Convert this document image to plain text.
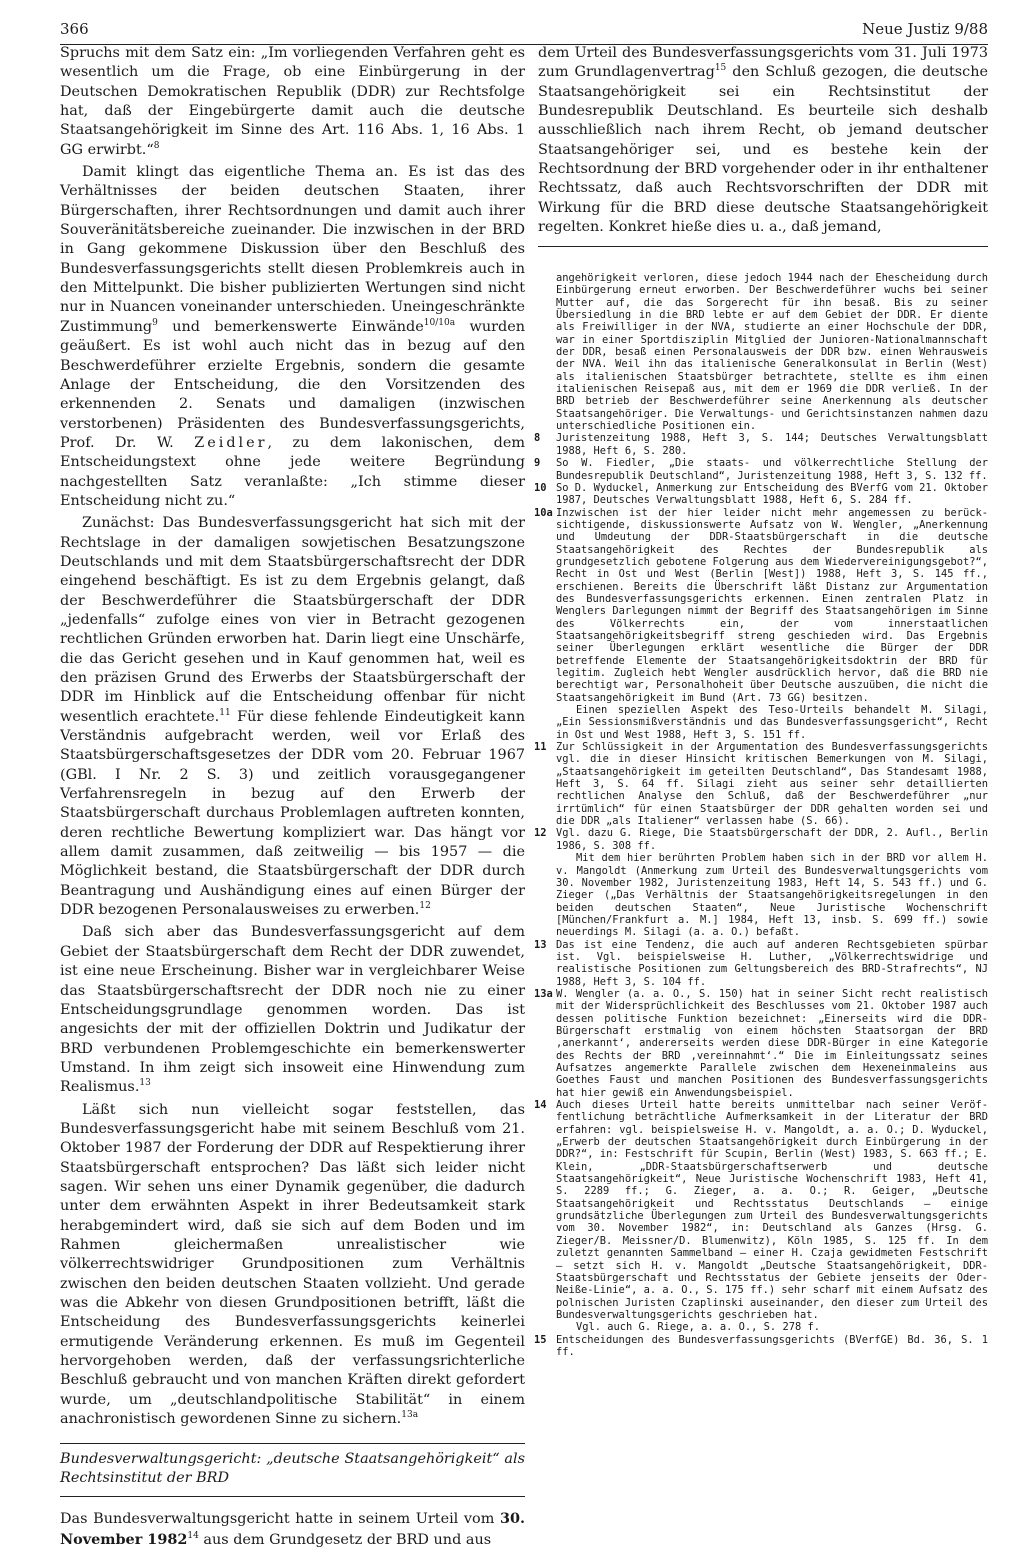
366	Neue Justiz 9/88

Spruchs mit dem Satz ein: „Im vorliegenden Verfahren geht es wesentlich um die Frage, ob eine Einbürgerung in der Deutschen Demokratischen Republik (DDR) zur Rechtsfolge hat, daß der Eingebürgerte damit auch die deutsche Staatsangehörigkeit im Sinne des Art. 116 Abs. 1, 16 Abs. 1 GG erwirbt.“$^8$

Damit klingt das eigentliche Thema an. Es ist das des Verhältnisses der beiden deutschen Staaten, ihrer Bürgerschaften, ihrer Rechtsordnungen und damit auch ihrer Souveränitätsbereiche zueinander. Die inzwischen in der BRD in Gang gekommene Diskussion über den Beschluß des Bundesverfassungsgerichts stellt diesen Problemkreis auch in den Mittelpunkt. Die bisher publizierten Wertungen sind nicht nur in Nuancen voneinander unterschieden. Uneingeschränkte Zustimmung$^9$ und bemerkenswerte Einwände$^{10/10a}$ wurden geäußert. Es ist wohl auch nicht das in bezug auf den Beschwerdeführer erzielte Ergebnis, sondern die gesamte Anlage der Entscheidung, die den Vorsitzenden des erkennenden 2. Senats und damaligen (inzwischen verstorbenen) Präsidenten des Bundesverfassungsgerichts, Prof. Dr. W. Zeidler, zu dem lakonischen, dem Entscheidungstext ohne jede weitere Begründung nachgestellten Satz veranlaßte: „Ich stimme dieser Entscheidung nicht zu.“

Zunächst: Das Bundesverfassungsgericht hat sich mit der Rechtslage in der damaligen sowjetischen Besatzungszone Deutschlands und mit dem Staatsbürgerschaftsrecht der DDR eingehend beschäftigt. Es ist zu dem Ergebnis gelangt, daß der Beschwerdeführer die Staatsbürgerschaft der DDR „jedenfalls“ zufolge eines von vier in Betracht gezogenen rechtlichen Gründen erworben hat. Darin liegt eine Unschärfe, die das Gericht gesehen und in Kauf genommen hat, weil es den präzisen Grund des Erwerbs der Staatsbürgerschaft der DDR im Hinblick auf die Entscheidung offenbar für nicht wesentlich erachtete.$^{11}$ Für diese fehlende Eindeutigkeit kann Verständnis aufgebracht werden, weil vor Erlaß des Staatsbürgerschaftsgesetzes der DDR vom 20. Februar 1967 (GBl. I Nr. 2 S. 3) und zeitlich vorausgegangener Verfahrensregeln in bezug auf den Erwerb der Staatsbürgerschaft durchaus Problemlagen auftreten konnten, deren rechtliche Bewertung kompliziert war. Das hängt vor allem damit zusammen, daß zeitweilig — bis 1957 — die Möglichkeit bestand, die Staatsbürgerschaft der DDR durch Beantragung und Aushändigung eines auf einen Bürger der DDR bezogenen Personalausweises zu erwerben.$^{12}$

Daß sich aber das Bundesverfassungsgericht auf dem Gebiet der Staatsbürgerschaft dem Recht der DDR zuwendet, ist eine neue Erscheinung. Bisher war in vergleichbarer Weise das Staatsbürgerschaftsrecht der DDR noch nie zu einer Entscheidungsgrundlage genommen worden. Das ist angesichts der mit der offiziellen Doktrin und Judikatur der BRD verbundenen Problemgeschichte ein bemerkenswerter Umstand. In ihm zeigt sich insoweit eine Hinwendung zum Realismus.$^{13}$

Läßt sich nun vielleicht sogar feststellen, das Bundesverfassungsgericht habe mit seinem Beschluß vom 21. Oktober 1987 der Forderung der DDR auf Respektierung ihrer Staatsbürgerschaft entsprochen? Das läßt sich leider nicht sagen. Wir sehen uns einer Dynamik gegenüber, die dadurch unter dem erwähnten Aspekt in ihrer Bedeutsamkeit stark herabgemindert wird, daß sie sich auf dem Boden und im Rahmen gleichermaßen unrealistischer wie völkerrechtswidriger Grundpositionen zum Verhältnis zwischen den beiden deutschen Staaten vollzieht. Und gerade was die Abkehr von diesen Grundpositionen betrifft, läßt die Entscheidung des Bundesverfassungsgerichts keinerlei ermutigende Veränderung erkennen. Es muß im Gegenteil hervorgehoben werden, daß der verfassungsrichterliche Beschluß gebraucht und von manchen Kräften direkt gefordert wurde, um „deutschlandpolitische Stabilität“ in einem anachronistisch gewordenen Sinne zu sichern.$^{13a}$

Bundesverwaltungsgericht: „deutsche Staatsangehörigkeit“ als Rechtsinstitut der BRD

Das Bundesverwaltungsgericht hatte in seinem Urteil vom 30. November 1982$^{14}$ aus dem Grundgesetz der BRD und aus

dem Urteil des Bundesverfassungsgerichts vom 31. Juli 1973 zum Grundlagenvertrag$^{15}$ den Schluß gezogen, die deutsche Staatsangehörigkeit sei ein Rechtsinstitut der Bundesrepublik Deutschland. Es beurteile sich deshalb ausschließlich nach ihrem Recht, ob jemand deutscher Staatsangehöriger sei, und es bestehe kein der Rechtsordnung der BRD vorgehender oder in ihr enthaltener Rechtssatz, daß auch Rechtsvorschriften der DDR mit Wirkung für die BRD diese deutsche Staatsangehörigkeit regelten. Konkret hieße dies u. a., daß jemand,

angehörigkeit verloren, diese jedoch 1944 nach der Ehescheidung durch Einbürgerung erneut erworben. Der Beschwerdeführer wuchs bei seiner Mutter auf, die das Sorgerecht für ihn besaß. Bis zu seiner Übersiedlung in die BRD lebte er auf dem Gebiet der DDR. Er diente als Freiwilliger in der NVA, studierte an einer Hochschule der DDR, war in einer Sportdisziplin Mitglied der Junioren-Nationalmannschaft der DDR, besaß einen Personalausweis der DDR bzw. einen Wehrausweis der NVA. Weil ihn das italienische Generalkonsulat in Berlin (West) als italienischen Staatsbürger betrachtete, stellte es ihm einen italienischen Reisepaß aus, mit dem er 1969 die DDR verließ. In der BRD betrieb der Beschwerdeführer seine Anerkennung als deutscher Staatsangehöriger. Die Verwaltungs- und Gerichtsinstanzen nahmen dazu unterschiedliche Positionen ein.

8 Juristenzeitung 1988, Heft 3, S. 144; Deutsches Verwaltungsblatt 1988, Heft 6, S. 280.

9 So W. Fiedler, „Die staats- und völkerrechtliche Stellung der Bundesrepublik Deutschland“, Juristenzeitung 1988, Heft 3, S. 132 ff.

10 So D. Wyduckel, Anmerkung zur Entscheidung des BVerfG vom 21. Oktober 1987, Deutsches Verwaltungsblatt 1988, Heft 6, S. 284 ff.

10a Inzwischen ist der hier leider nicht mehr angemessen zu berücksichtigende, diskussionswerte Aufsatz von W. Wengler, „Anerkennung und Umdeutung der DDR-Staatsbürgerschaft in die deutsche Staatsangehörigkeit des Rechtes der Bundesrepublik als grundgesetzlich gebotene Folgerung aus dem Wiedervereinigungsgebot?“, Recht in Ost und West (Berlin [West]) 1988, Heft 3, S. 145 ff., erschienen. Bereits die Überschrift läßt Distanz zur Argumentation des Bundesverfassungsgerichts erkennen. Einen zentralen Platz in Wenglers Darlegungen nimmt der Begriff des Staatsangehörigen im Sinne des Völkerrechts ein, der vom innerstaatlichen Staatsangehörigkeitsbegriff streng geschieden wird. Das Ergebnis seiner Überlegungen erklärt wesentliche die Bürger der DDR betreffende Elemente der Staatsangehörigkeitsdoktrin der BRD für legitim. Zugleich hebt Wengler ausdrücklich hervor, daß die BRD nie berechtigt war, Personalhoheit über Deutsche auszuüben, die nicht die Staatsangehörigkeit im Bund (Art. 73 GG) besitzen.

Einen speziellen Aspekt des Teso-Urteils behandelt M. Silagi, „Ein Sessionsmißverständnis und das Bundesverfassungsgericht“, Recht in Ost und West 1988, Heft 3, S. 151 ff.

11 Zur Schlüssigkeit in der Argumentation des Bundesverfassungsgerichts vgl. die in dieser Hinsicht kritischen Bemerkungen von M. Silagi, „Staatsangehörigkeit im geteilten Deutschland“, Das Standesamt 1988, Heft 3, S. 64 ff. Silagi zieht aus seiner sehr detaillierten rechtlichen Analyse den Schluß, daß der Beschwerdeführer „nur irrtümlich“ für einen Staatsbürger der DDR gehalten worden sei und die DDR „als Italiener“ verlassen habe (S. 66).

12 Vgl. dazu G. Riege, Die Staatsbürgerschaft der DDR, 2. Aufl., Berlin 1986, S. 308 ff.

Mit dem hier berührten Problem haben sich in der BRD vor allem H. v. Mangoldt (Anmerkung zum Urteil des Bundesverwaltungsgerichts vom 30. November 1982, Juristenzeitung 1983, Heft 14, S. 543 ff.) und G. Zieger („Das Verhältnis der Staatsangehörigkeitsregelungen in den beiden deutschen Staaten“, Neue Juristische Wochenschrift [München/Frankfurt a. M.] 1984, Heft 13, insb. S. 699 ff.) sowie neuerdings M. Silagi (a. a. O.) befaßt.

13 Das ist eine Tendenz, die auch auf anderen Rechtsgebieten spürbar ist. Vgl. beispielsweise H. Luther, „Völkerrechtswidrige und realistische Positionen zum Geltungsbereich des BRD-Strafrechts“, NJ 1988, Heft 3, S. 104 ff.

13a W. Wengler (a. a. O., S. 150) hat in seiner Sicht recht realistisch mit der Widersprüchlichkeit des Beschlusses vom 21. Oktober 1987 auch dessen politische Funktion bezeichnet: „Einerseits wird die DDR-Bürgerschaft erstmalig von einem höchsten Staatsorgan der BRD ‚anerkannt‘, andererseits werden diese DDR-Bürger in eine Kategorie des Rechts der BRD ‚vereinnahmt‘.“ Die im Einleitungssatz seines Aufsatzes angemerkte Parallele zwischen dem Hexeneinmaleins aus Goethes Faust und manchen Positionen des Bundesverfassungsgerichts hat hier gewiß ein Anwendungsbeispiel.

14 Auch dieses Urteil hatte bereits unmittelbar nach seiner Veröffentlichung beträchtliche Aufmerksamkeit in der Literatur der BRD erfahren: vgl. beispielsweise H. v. Mangoldt, a. a. O.; D. Wyduckel, „Erwerb der deutschen Staatsangehörigkeit durch Einbürgerung in der DDR?“, in: Festschrift für Scupin, Berlin (West) 1983, S. 663 ff.; E. Klein, „DDR-Staatsbürgerschaftserwerb und deutsche Staatsangehörigkeit“, Neue Juristische Wochenschrift 1983, Heft 41, S. 2289 ff.; G. Zieger, a. a. O.; R. Geiger, „Deutsche Staatsangehörigkeit und Rechtsstatus Deutschlands – einige grundsätzliche Überlegungen zum Urteil des Bundesverwaltungsgerichts vom 30. November 1982“, in: Deutschland als Ganzes (Hrsg. G. Zieger/B. Meissner/D. Blumenwitz), Köln 1985, S. 125 ff. In dem zuletzt genannten Sammelband – einer H. Czaja gewidmeten Festschrift – setzt sich H. v. Mangoldt „Deutsche Staatsangehörigkeit, DDR-Staatsbürgerschaft und Rechtsstatus der Gebiete jenseits der Oder-Neiße-Linie“, a. a. O., S. 175 ff.) sehr scharf mit einem Aufsatz des polnischen Juristen Czaplinski auseinander, den dieser zum Urteil des Bundesverwaltungsgerichts geschrieben hat.

Vgl. auch G. Riege, a. a. O., S. 278 f.

15 Entscheidungen des Bundesverfassungsgerichts (BVerfGE) Bd. 36, S. 1 ff.
